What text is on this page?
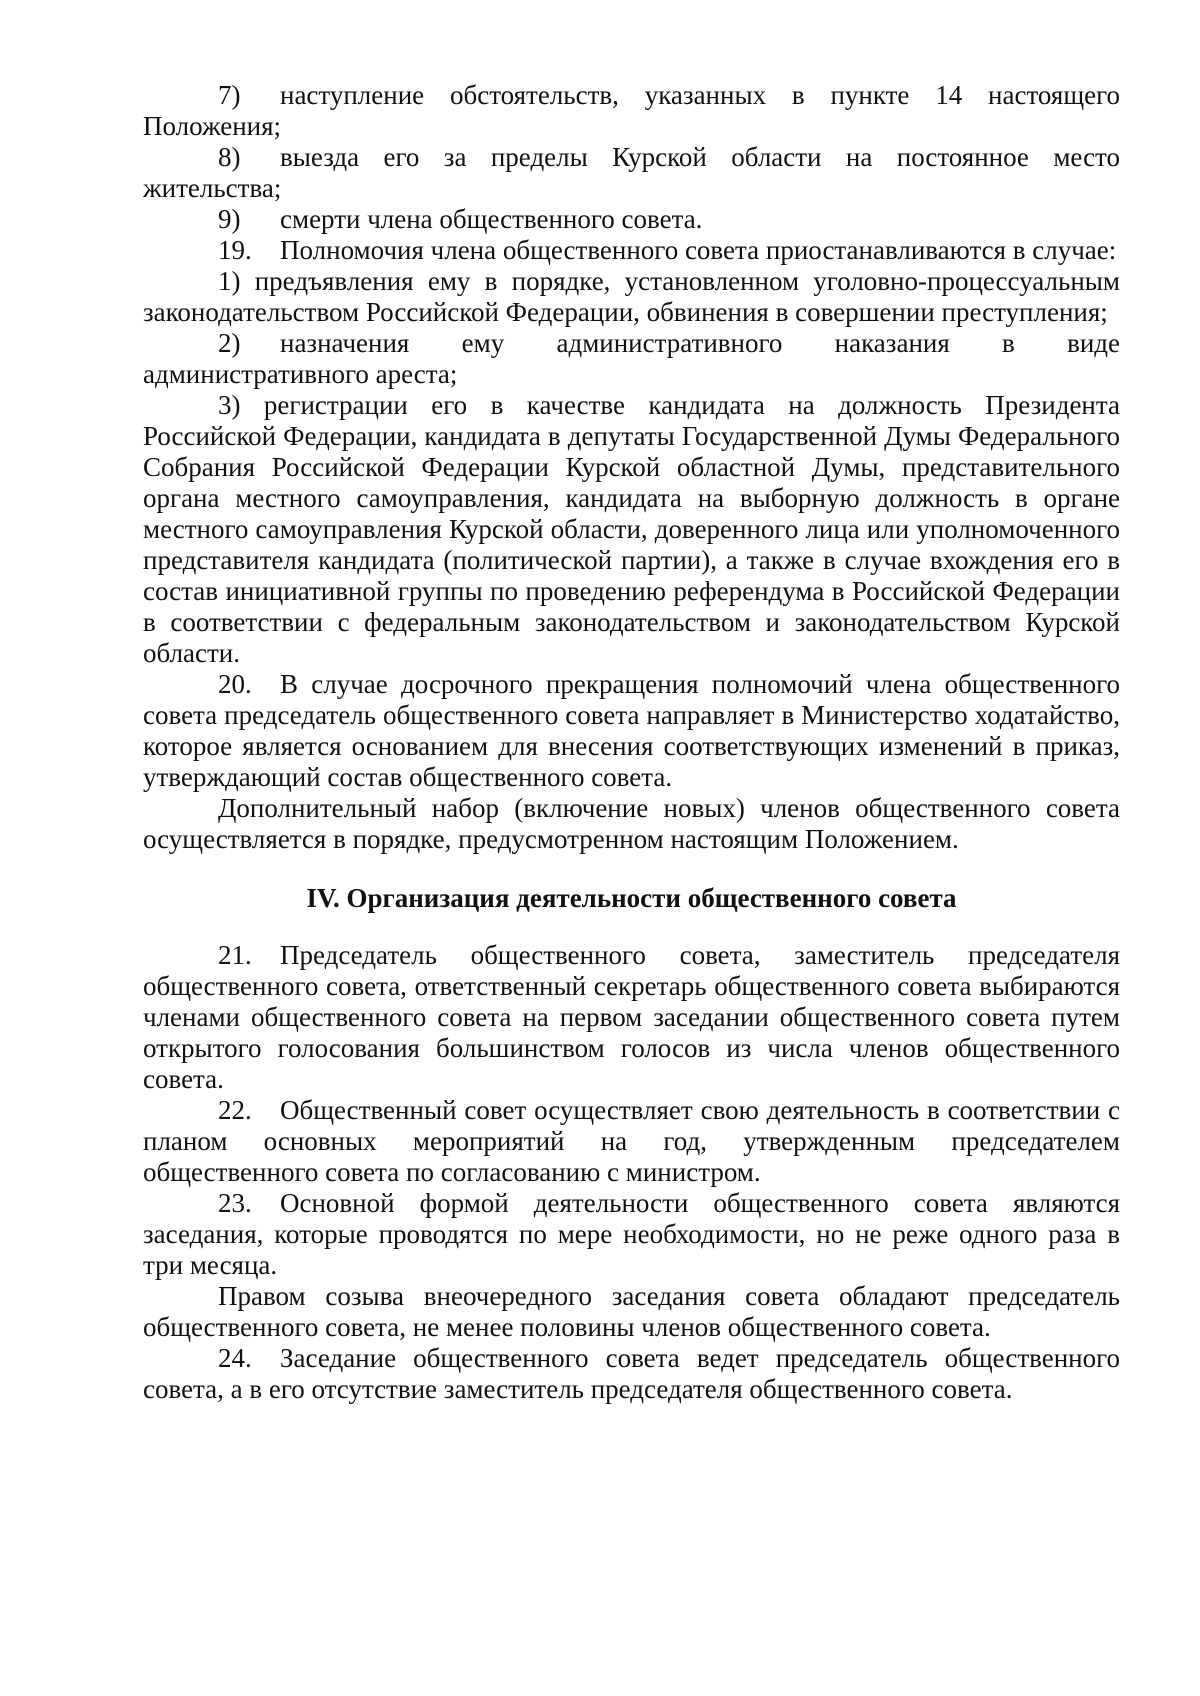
7) наступление обстоятельств, указанных в пункте 14 настоящего Положения;

8) выезда его за пределы Курской области на постоянное место жительства;

9) смерти члена общественного совета.

19. Полномочия члена общественного совета приостанавливаются в случае:

1) предъявления ему в порядке, установленном уголовно-процессуальным законодательством Российской Федерации, обвинения в совершении преступления;

2) назначения ему административного наказания в виде административного ареста;

3) регистрации его в качестве кандидата на должность Президента Российской Федерации, кандидата в депутаты Государственной Думы Федерального Собрания Российской Федерации Курской областной Думы, представительного органа местного самоуправления, кандидата на выборную должность в органе местного самоуправления Курской области, доверенного лица или уполномоченного представителя кандидата (политической партии), а также в случае вхождения его в состав инициативной группы по проведению референдума в Российской Федерации в соответствии с федеральным законодательством и законодательством Курской области.

20. В случае досрочного прекращения полномочий члена общественного совета председатель общественного совета направляет в Министерство ходатайство, которое является основанием для внесения соответствующих изменений в приказ, утверждающий состав общественного совета.

Дополнительный набор (включение новых) членов общественного совета осуществляется в порядке, предусмотренном настоящим Положением.

IV. Организация деятельности общественного совета

21. Председатель общественного совета, заместитель председателя общественного совета, ответственный секретарь общественного совета выбираются членами общественного совета на первом заседании общественного совета путем открытого голосования большинством голосов из числа членов общественного совета.

22. Общественный совет осуществляет свою деятельность в соответствии с планом основных мероприятий на год, утвержденным председателем общественного совета по согласованию с министром.

23. Основной формой деятельности общественного совета являются заседания, которые проводятся по мере необходимости, но не реже одного раза в три месяца.

Правом созыва внеочередного заседания совета обладают председатель общественного совета, не менее половины членов общественного совета.

24. Заседание общественного совета ведет председатель общественного совета, а в его отсутствие заместитель председателя общественного совета.
